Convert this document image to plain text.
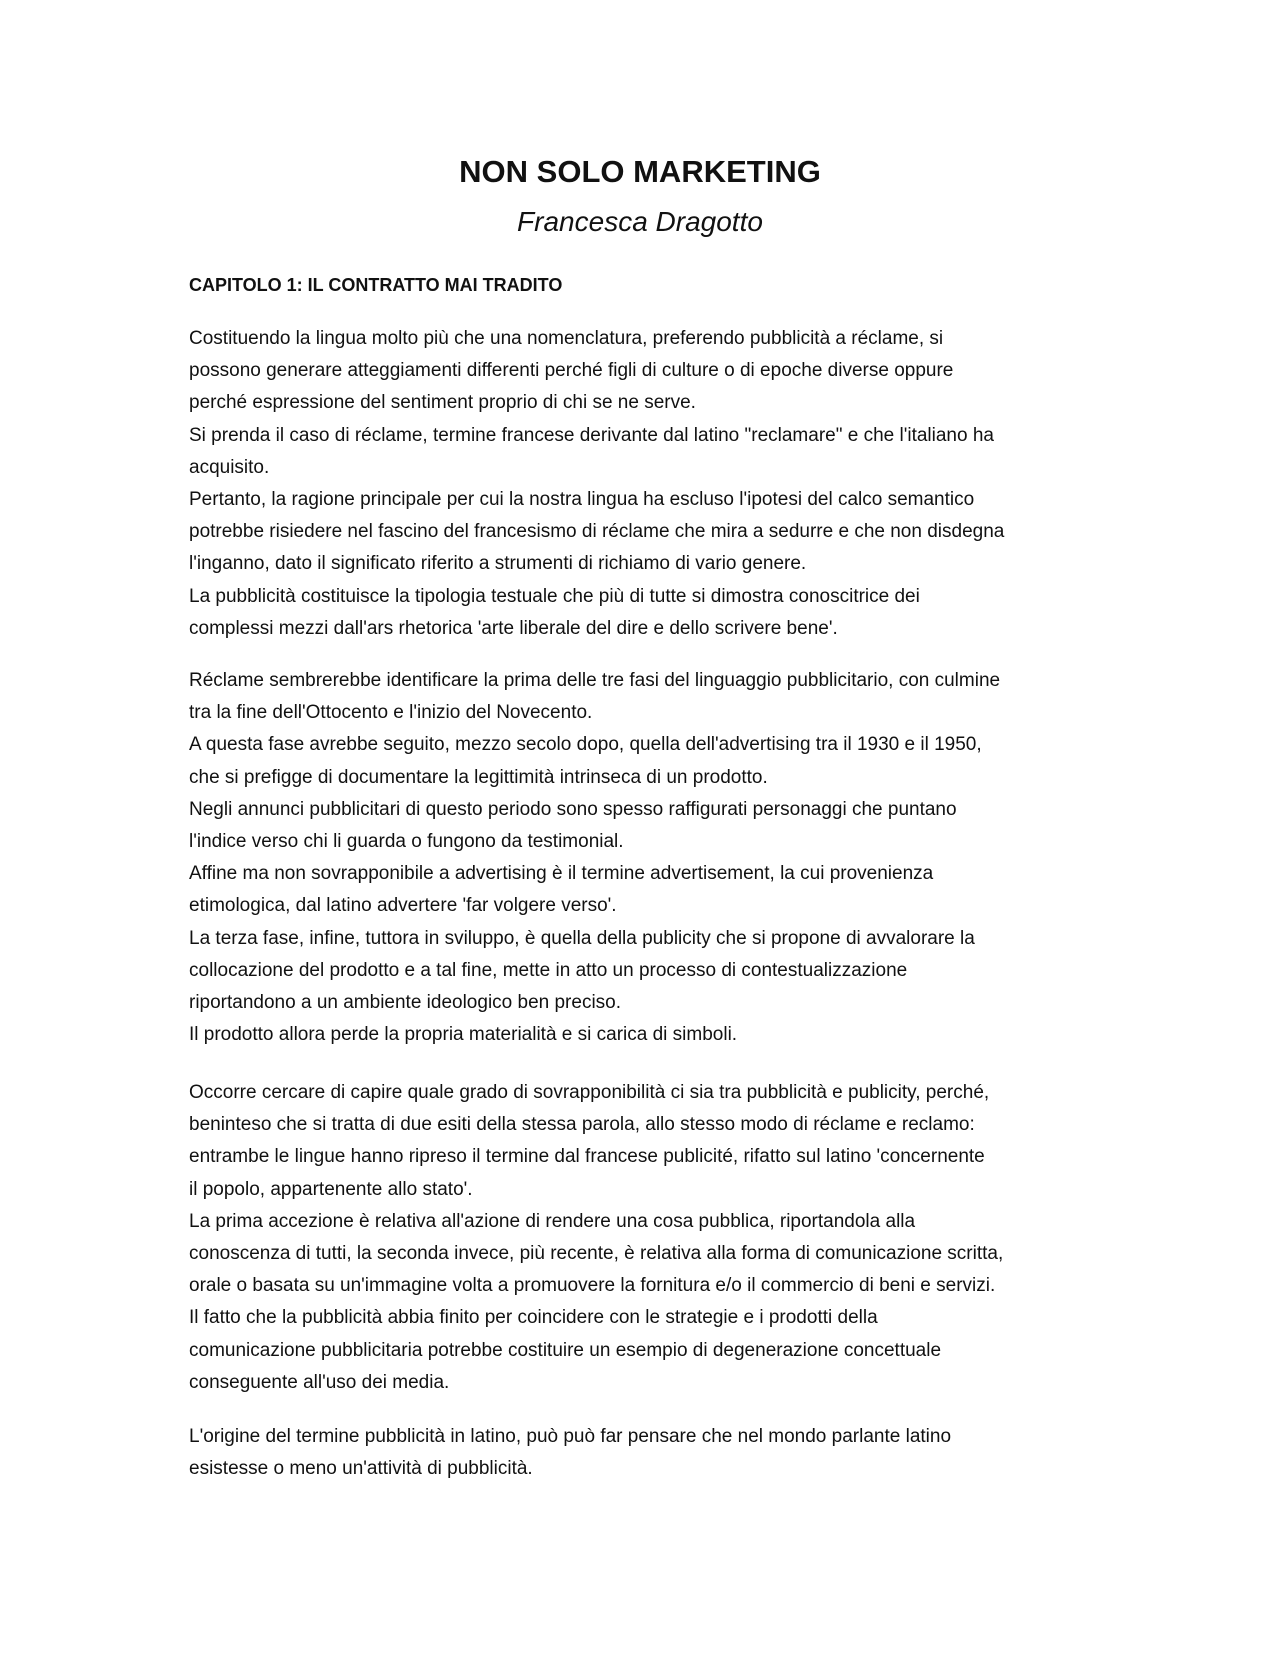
NON SOLO MARKETING
Francesca Dragotto
CAPITOLO 1: IL CONTRATTO MAI TRADITO
Costituendo la lingua molto più che una nomenclatura, preferendo pubblicità a réclame, si
possono generare atteggiamenti differenti perché figli di culture o di epoche diverse oppure
perché espressione del sentiment proprio di chi se ne serve.
Si prenda il caso di réclame, termine francese derivante dal latino "reclamare" e che l'italiano ha
acquisito.
Pertanto, la ragione principale per cui la nostra lingua ha escluso l'ipotesi del calco semantico
potrebbe risiedere nel fascino del francesismo di réclame che mira a sedurre e che non disdegna
l'inganno, dato il significato riferito a strumenti di richiamo di vario genere.
La pubblicità costituisce la tipologia testuale che più di tutte si dimostra conoscitrice dei
complessi mezzi dall'ars rhetorica 'arte liberale del dire e dello scrivere bene'.
Réclame sembrerebbe identificare la prima delle tre fasi del linguaggio pubblicitario, con culmine
tra la fine dell'Ottocento e l'inizio del Novecento.
A questa fase avrebbe seguito, mezzo secolo dopo, quella dell'advertising tra il 1930 e il 1950,
che si prefigge di documentare la legittimità intrinseca di un prodotto.
Negli annunci pubblicitari di questo periodo sono spesso raffigurati personaggi che puntano
l'indice verso chi li guarda o fungono da testimonial.
Affine ma non sovrapponibile a advertising è il termine advertisement, la cui provenienza
etimologica, dal latino advertere 'far volgere verso'.
La terza fase, infine, tuttora in sviluppo, è quella della publicity che si propone di avvalorare la
collocazione del prodotto e a tal fine, mette in atto un processo di contestualizzazione
riportandono a un ambiente ideologico ben preciso.
Il prodotto allora perde la propria materialità e si carica di simboli.
Occorre cercare di capire quale grado di sovrapponibilità ci sia tra pubblicità e publicity, perché,
beninteso che si tratta di due esiti della stessa parola, allo stesso modo di réclame e reclamo:
entrambe le lingue hanno ripreso il termine dal francese publicité, rifatto sul latino 'concernente
il popolo, appartenente allo stato'.
La prima accezione è relativa all'azione di rendere una cosa pubblica, riportandola alla
conoscenza di tutti, la seconda invece, più recente, è relativa alla forma di comunicazione scritta,
orale o basata su un'immagine volta a promuovere la fornitura e/o il commercio di beni e servizi.
Il fatto che la pubblicità abbia finito per coincidere con le strategie e i prodotti della
comunicazione pubblicitaria potrebbe costituire un esempio di degenerazione concettuale
conseguente all'uso dei media.
L'origine del termine pubblicità in latino, può può far pensare che nel mondo parlante latino
esistesse o meno un'attività di pubblicità.
